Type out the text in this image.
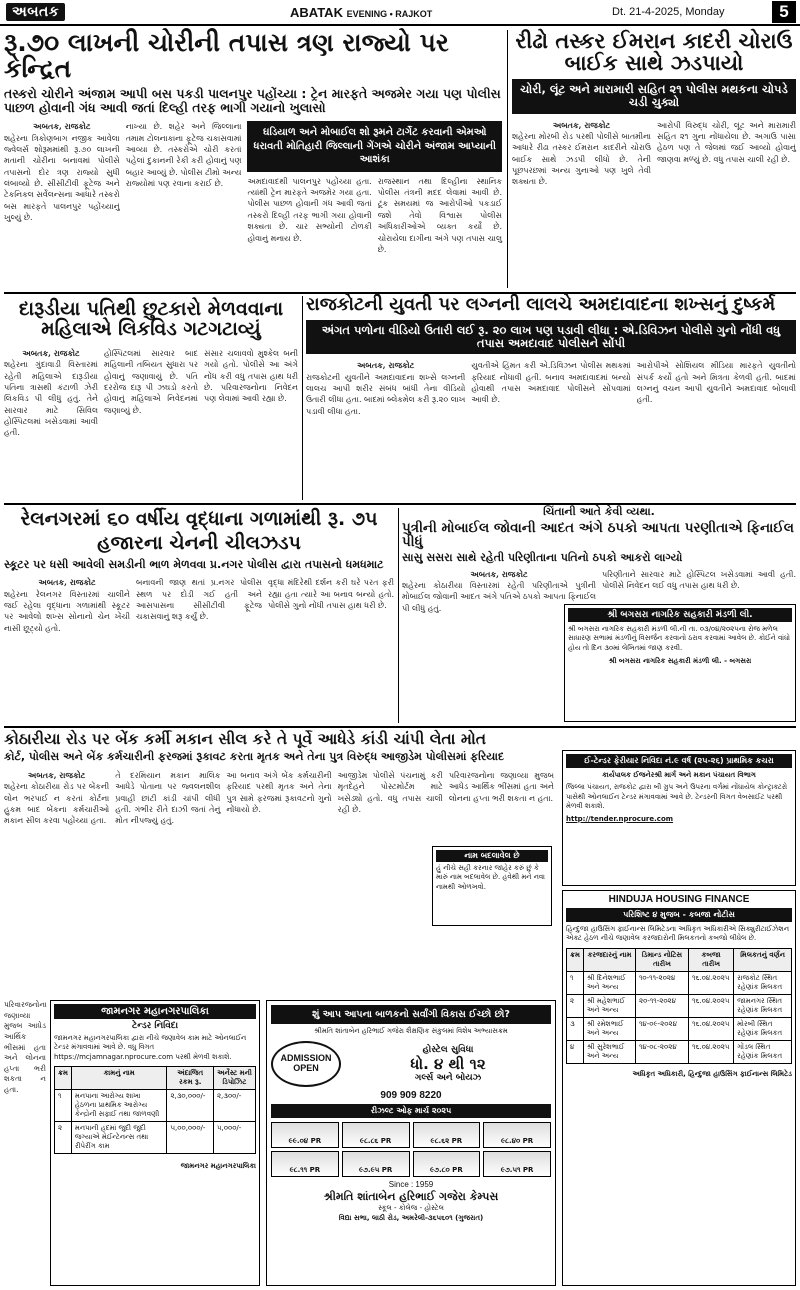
અબતક	ABATAK EVENING • RAJKOT	Dt. 21-4-2025, Monday	5
રૂ.૭૦ લાખની ચોરીની તપાસ ત્રણ રાજ્યો પર કેન્દ્રિત
તસ્કરો ચોરીને અંજામ આપી બસ પકડી પાલનપુર પહોંચ્યા : ટ્રેન મારફતે અજમેર ગયા પણ પોલીસ પાછળ હોવાની ગંધ આવી જતાં દિલ્હી તરફ ભાગી ગયાનો ખુલાસો
અબતક, રાજકોટ
શહેરના ત્રિકોણબાગ નજીક આવેલા જ્વેલર્સ શોરૂમમાંથી રૂ.૭૦ લાખની મતાની ચોરીના બનાવમાં પોલીસે તપાસનો દોર ત્રણ રાજ્યો સુધી લંબાવ્યો છે. સીસીટીવી ફૂટેજ અને ટેકનિકલ સર્વેલન્સના આધારે તસ્કરો બસ મારફતે પાલનપુર પહોંચ્યાનું ખુલ્યું છે.
નાખ્યા છે. શહેર અને જિલ્લાના તમામ ટોલનાકાના ફૂટેજ ચકાસવામાં આવ્યા છે. તસ્કરોએ ચોરી કરતાં પહેલાં દુકાનની રેકી કરી હોવાનું પણ બહાર આવ્યું છે. પોલીસ ટીમો અન્ય રાજ્યોમાં પણ રવાના કરાઈ છે.
ઘડિયાળ અને મોબાઈલ શો રૂમને ટાર્ગેટ કરવાની એમઓ ધરાવતી મોતિહારી જિલ્લાની ગેંગએ ચોરીને અંજામ આપ્યાની આશંકા
અમદાવાદથી પાલનપુર પહોંચ્યા હતા. ત્યાંથી ટ્રેન મારફતે અજમેર ગયા હતા. પોલીસ પાછળ હોવાની ગંધ આવી જતાં તસ્કરો દિલ્હી તરફ ભાગી ગયા હોવાની શક્યતા છે. ચાર સભ્યોની ટોળકી હોવાનું મનાય છે.
રાજસ્થાન તથા દિલ્હીના સ્થાનિક પોલીસ તંત્રની મદદ લેવામાં આવી છે. ટૂંક સમયમાં જ આરોપીઓ પકડાઈ જશે તેવો વિશ્વાસ પોલીસ અધિકારીઓએ વ્યક્ત કર્યો છે. ચોરાયેલા દાગીના અંગે પણ તપાસ ચાલુ છે.
રીઢો તસ્કર ઈમરાન કાદરી ચોરાઉ બાઈક સાથે ઝડપાયો
ચોરી, લૂંટ અને મારામારી સહિત ૨૧ પોલીસ મથકના ચોપડે ચડી ચુક્યો
અબતક, રાજકોટ
શહેરના મોરબી રોડ પરથી પોલીસે બાતમીના આધારે રીઢા તસ્કર ઈમરાન કાદરીને ચોરાઉ બાઈક સાથે ઝડપી લીધો છે. તેની પૂછપરછમાં અન્ય ગુનાઓ પણ ખુલે તેવી શક્યતા છે.
આરોપી વિરુદ્ધ ચોરી, લૂંટ અને મારામારી સહિત ૨૧ ગુના નોંધાયેલા છે. અગાઉ પાસા હેઠળ પણ તે જેલમાં જઈ આવ્યો હોવાનું જાણવા મળ્યું છે. વધુ તપાસ ચાલી રહી છે.
દારૂડીયા પતિથી છુટકારો મેળવવાના મહિલાએ લિકવિડ ગટગટાવ્યું
અબતક, રાજકોટ
શહેરના ગુંદાવાડી વિસ્તારમાં રહેતી મહિલાએ દારૂડીયા પતિના ત્રાસથી કંટાળી ઝેરી લિકવિડ પી લીધું હતું. તેને સારવાર માટે સિવિલ હોસ્પિટલમાં ખસેડવામાં આવી હતી.
હોસ્પિટલમાં સારવાર બાદ મહિલાની તબિયત સુધારા પર હોવાનું જણાવાયું છે. પતિ દરરોજ દારૂ પી ઝઘડો કરતો હોવાનું મહિલાએ નિવેદનમાં જણાવ્યું છે.
સંસાર ચલાવવો મુશ્કેલ બની ગયો હતો. પોલીસે આ અંગે નોંધ કરી વધુ તપાસ હાથ ધરી છે. પરિવારજનોના નિવેદન પણ લેવામાં આવી રહ્યા છે.
રાજકોટની યુવતી પર લગ્નની લાલચે અમદાવાદના શખ્સનું દુષ્કર્મ
અંગત પળોના વીડિયો ઉતારી લઈ રૂ. ૨૦ લાખ પણ પડાવી લીધા : એ.ડિવિઝન પોલીસે ગુનો નોંધી વધુ તપાસ અમદાવાદ પોલીસને સોંપી
અબતક, રાજકોટ
રાજકોટની યુવતીને અમદાવાદના શખ્સે લગ્નની લાલચ આપી શરીર સંબંધ બાંધી તેના વીડિયો ઉતારી લીધા હતા. બાદમાં બ્લેકમેલ કરી રૂ.૨૦ લાખ પડાવી લીધા હતા.
યુવતીએ હિંમત કરી એ.ડિવિઝન પોલીસ મથકમાં ફરિયાદ નોંધાવી હતી. બનાવ અમદાવાદમાં બન્યો હોવાથી તપાસ અમદાવાદ પોલીસને સોંપવામાં આવી છે.
આરોપીએ સોશિયલ મીડિયા મારફતે યુવતીનો સંપર્ક કર્યો હતો અને મિત્રતા કેળવી હતી. બાદમાં લગ્નનું વચન આપી યુવતીને અમદાવાદ બોલાવી હતી.
રેલનગરમાં ૬૦ વર્ષીય વૃદ્ધાના ગળામાંથી રૂ. ૭૫ હજારના ચેનની ચીલઝડપ
સ્કૂટર પર ધસી આવેલી સમડીની ભાળ મેળવવા પ્ર.નગર પોલીસ દ્વારા તપાસનો ધમધમાટ
અબતક, રાજકોટ
શહેરના રેલનગર વિસ્તારમાં ચાલીને જઈ રહેલા વૃદ્ધાના ગળામાંથી સ્કૂટર પર આવેલો શખ્સ સોનાનો ચેન ખેંચી નાસી છૂટ્યો હતો.
બનાવની જાણ થતાં પ્ર.નગર પોલીસ સ્થળ પર દોડી ગઈ હતી અને આસપાસના સીસીટીવી ફૂટેજ ચકાસવાનું શરૂ કર્યું છે.
વૃદ્ધા મંદિરેથી દર્શન કરી ઘરે પરત ફરી રહ્યા હતા ત્યારે આ બનાવ બન્યો હતો. પોલીસે ગુનો નોંધી તપાસ હાથ ધરી છે.
ચિંતાની આતે કેવી વ્યથા.
પુત્રીની મોબાઈલ જોવાની આદત અંગે ઠપકો આપતા પરણીતાએ ફિનાઈલ પીધું
સાસુ સસરા સાથે રહેતી પરિણીતાના પતિનો ઠપકો આકરો લાગ્યો
અબતક, રાજકોટ
શહેરના કોઠારીયા વિસ્તારમાં રહેતી પરિણીતાએ પુત્રીની મોબાઈલ જોવાની આદત અંગે પતિએ ઠપકો આપતા ફિનાઈલ પી લીધું હતું.
પરિણીતાને સારવાર માટે હોસ્પિટલ ખસેડવામાં આવી હતી. પોલીસે નિવેદન લઈ વધુ તપાસ હાથ ધરી છે.
શ્રી બગસરા નાગરિક સહકારી મંડળી લી.
શ્રી બગસરા નાગરિક સહકારી મંડળી લી.ની તા. ૦૩/૦૪/૨૦૨૫ના રોજ મળેલ સાધારણ સભામાં મંડળીનું વિસર્જન કરવાનો ઠરાવ કરવામાં આવેલ છે. કોઈને વાંધો હોય તો દિન ૩૦માં લેખિતમાં જાણ કરવી.
શ્રી બગસરા નાગરિક સહકારી મંડળી લી. - બગસરા
કોઠારીયા રોડ પર બેંક કર્મી મકાન સીલ કરે તે પૂર્વે આધેડે કાંડી ચાંપી લેતા મોત
કોર્ટ, પોલીસ અને બેંક કર્મચારીની ફરજમાં રૂકાવટ કરતા મૃતક અને તેના પુત્ર વિરુદ્ધ આજીડેમ પોલીસમાં ફરિયાદ
અબતક, રાજકોટ
શહેરના કોઠારીયા રોડ પર બેંકની લોન ભરપાઈ ન કરતાં કોર્ટના હુકમ બાદ બેંકના કર્મચારીઓ મકાન સીલ કરવા પહોંચ્યા હતા.
તે દરમિયાન મકાન માલિક આધેડે પોતાના પર જ્વલનશીલ પ્રવાહી છાંટી કાંડી ચાંપી લીધી હતી. ગંભીર રીતે દાઝી જતાં તેનું મોત નીપજ્યું હતું.
આ બનાવ અંગે બેંક કર્મચારીની ફરિયાદ પરથી મૃતક અને તેના પુત્ર સામે ફરજમાં રૂકાવટનો ગુનો નોંધાયો છે.
આજીડેમ પોલીસે પંચનામું કરી મૃતદેહને પોસ્ટમોર્ટમ માટે ખસેડ્યો હતો. વધુ તપાસ ચાલી રહી છે.
પરિવારજનોના જણાવ્યા મુજબ આધેડ આર્થિક ભીંસમાં હતા અને લોનના હપ્તા ભરી શકતા ન હતા.
નામ બદલાવેલ છે
હું નીચે સહી કરનાર જાહેર કરું છું કે મારું નામ બદલાવેલ છે. હવેથી મને નવા નામથી ઓળખવો.
ઈ-ટેન્ડર ફેરીયાર નિવિદા નં.૯ વર્ષ (૨૫-૨૬) પ્રાથમિક કચરા
કાર્યપાલક ઈજનેરશ્રી માર્ગ અને મકાન પંચાયત વિભાગ
જિલ્લા પંચાયત, રાજકોટ દ્વારા બી ગ્રુપ અને ઉપરના વર્ગમાં નોંધાયેલ કોન્ટ્રાક્ટરો પાસેથી ઓનલાઈન ટેન્ડર મંગાવવામાં આવે છે. ટેન્ડરની વિગત વેબસાઈટ પરથી મેળવી શકાશે.
http://tender.nprocure.com
HINDUJA HOUSING FINANCE
પરિશિષ્ટ ૪ મુજબ - કબજા નોટીસ
હિન્દુજા હાઉસિંગ ફાઈનાન્સ લિમિટેડના અધિકૃત અધિકારીએ સિક્યુરીટાઈઝેશન એક્ટ હેઠળ નીચે જણાવેલ કરજદારોની મિલકતનો કબજો લીધેલ છે.
ક્રમ	કરજદારનું નામ	ડિમાન્ડ નોટિસ તારીખ	કબજા તારીખ	મિલકતનું વર્ણન
૧	શ્રી દિનેશભાઈ અને અન્ય	૧૦-૧૧-૨૦૨૪	૧૬.૦૪.૨૦૨૫	રાજકોટ સ્થિત રહેણાંક મિલકત
૨	શ્રી મહેશભાઈ અને અન્ય	૨૦-૧૧-૨૦૨૪	૧૬.૦૪.૨૦૨૫	જામનગર સ્થિત રહેણાંક મિલકત
૩	શ્રી રમેશભાઈ અને અન્ય	૧૪-૦૯-૨૦૨૪	૧૬.૦૪.૨૦૨૫	મોરબી સ્થિત રહેણાંક મિલકત
૪	શ્રી સુરેશભાઈ અને અન્ય	૧૪-૦૮-૨૦૨૪	૧૬.૦૪.૨૦૨૫	ગોંડલ સ્થિત રહેણાંક મિલકત
અધિકૃત અધિકારી, હિન્દુજા હાઉસિંગ ફાઈનાન્સ લિમિટેડ
જામનગર મહાનગરપાલિકા
ટેન્ડર નિવિદા
જામનગર મહાનગરપાલિકા દ્વારા નીચે જણાવેલ કામ માટે ઓનલાઈન ટેન્ડર મંગાવવામાં આવે છે. વધુ વિગત https://mcjamnagar.nprocure.com પરથી મેળવી શકાશે.
ક્રમ	કામનું નામ	અંદાજિત રકમ રૂ.	અર્નેસ્ટ મની ડિપોઝિટ
૧	મનપાના આરોગ્ય શાખા હેઠળના પ્રાથમિક આરોગ્ય કેન્દ્રોની સફાઈ તથા જાળવણી	૨,૩૦,૦૦૦/-	૨,૩૦૦/-
૨	મનપાની હદમાં જુદી જુદી જગ્યાએ મેઈન્ટેનન્સ તથા રીપેરીંગ કામ	૫,૦૦,૦૦૦/-	૫,૦૦૦/-
જામનગર મહાનગરપાલિકા
શું આપ આપના બાળકનો સર્વાંગી વિકાસ ઈચ્છો છો?
શ્રીમતિ શાંતાબેન હરિભાઈ ગજેરા શૈક્ષણિક સંકુલમાં વિશેષ અભ્યાસક્રમ
ADMISSION OPEN
હોસ્ટેલ સુવિધા
ધો. ૪ થી ૧૨
ગર્લ્સ અને બોયઝ
909 909 8220
રીઝલ્ટ ઓફ માર્ચ ૨૦૨૫
૯૯.૦૪ PR	૯૮.૮૬ PR	૯૮.૬૨ PR	૯૮.૪૦ PR
૯૮.૧૧ PR	૯૭.૯૫ PR	૯૭.૮૦ PR	૯૭.૫૧ PR
Since : 1959
શ્રીમતિ શાંતાબેન હરિભાઈ ગજેરા કેમ્પસ
સ્કૂલ - કોલેજ - હોસ્ટેલ
વિદ્યા સભા, લાઠી રોડ, અમરેલી-૩૬૫૬૦૧ (ગુજરાત)
પરિવારજનોના જણાવ્યા મુજબ આધેડ આર્થિક ભીંસમાં હતા અને લોનના હપ્તા ભરી શકતા ન હતા.
